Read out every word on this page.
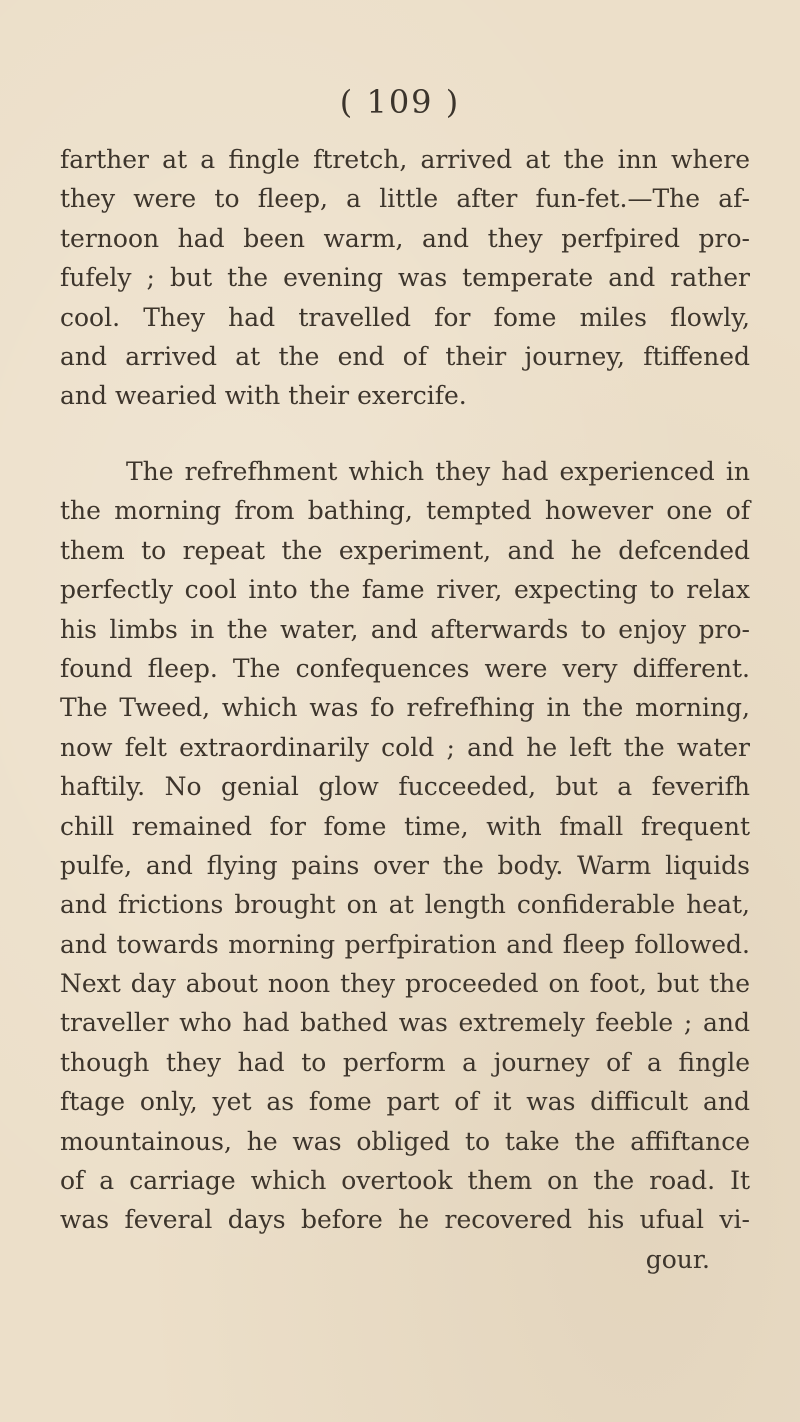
( 109 )
farther at a fingle ftretch, arrived at the inn where
they were to fleep, a little after fun-fet.—The af-
ternoon had been warm, and they perfpired pro-
fufely ; but the evening was temperate and rather
cool. They had travelled for fome miles flowly,
and arrived at the end of their journey, ftiffened
and wearied with their exercife.
The refrefhment which they had experienced in
the morning from bathing, tempted however one of
them to repeat the experiment, and he defcended
perfectly cool into the fame river, expecting to relax
his limbs in the water, and afterwards to enjoy pro-
found fleep. The confequences were very different.
The Tweed, which was fo refrefhing in the morning,
now felt extraordinarily cold ; and he left the water
haftily. No genial glow fucceeded, but a feverifh
chill remained for fome time, with fmall frequent
pulfe, and flying pains over the body. Warm liquids
and frictions brought on at length confiderable heat,
and towards morning perfpiration and fleep followed.
Next day about noon they proceeded on foot, but the
traveller who had bathed was extremely feeble ; and
though they had to perform a journey of a fingle
ftage only, yet as fome part of it was difficult and
mountainous, he was obliged to take the affiftance
of a carriage which overtook them on the road. It
was feveral days before he recovered his ufual vi-
gour.
